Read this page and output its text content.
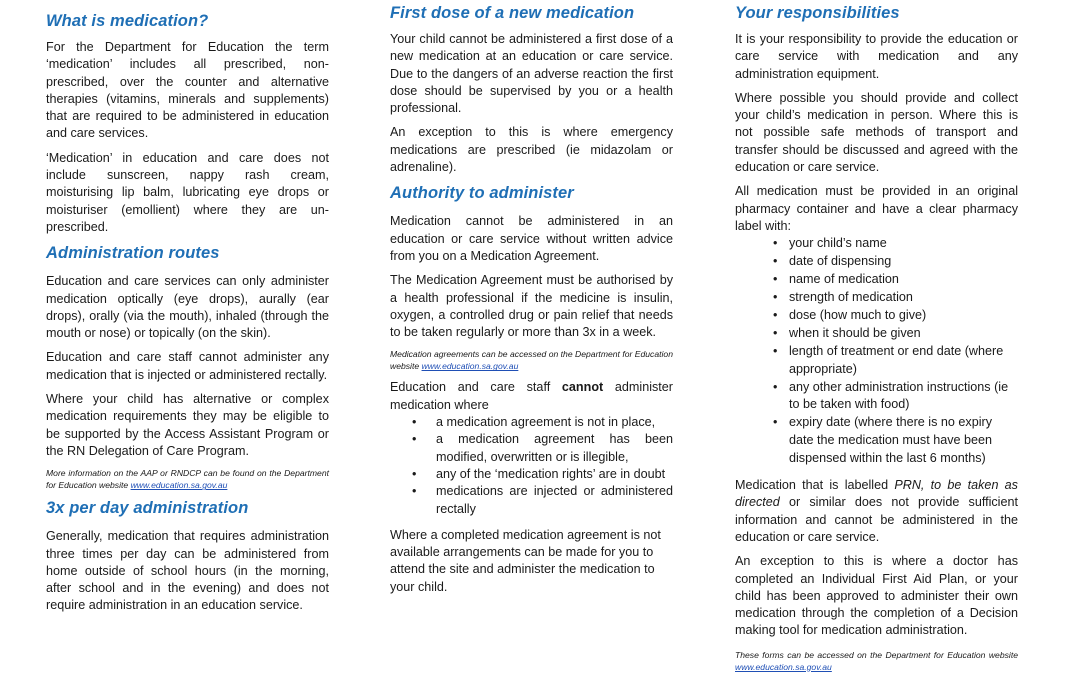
What is medication?

For the Department for Education the term ‘medication’ includes all prescribed, non-prescribed, over the counter and alternative therapies (vitamins, minerals and supplements) that are required to be administered in education and care services.

‘Medication’ in education and care does not include sunscreen, nappy rash cream, moisturising lip balm, lubricating eye drops or moisturiser (emollient) where they are un-prescribed.

Administration routes

Education and care services can only administer medication optically (eye drops), aurally (ear drops), orally (via the mouth), inhaled (through the mouth or nose) or topically (on the skin).

Education and care staff cannot administer any medication that is injected or administered rectally.

Where your child has alternative or complex medication requirements they may be eligible to be supported by the Access Assistant Program or the RN Delegation of Care Program.

More information on the AAP or RNDCP can be found on the Department for Education website www.education.sa.gov.au

3x per day administration

Generally, medication that requires administration three times per day can be administered from home outside of school hours (in the morning, after school and in the evening) and does not require administration in an education service.

First dose of a new medication

Your child cannot be administered a first dose of a new medication at an education or care service. Due to the dangers of an adverse reaction the first dose should be supervised by you or a health professional.

An exception to this is where emergency medications are prescribed (ie midazolam or adrenaline).

Authority to administer

Medication cannot be administered in an education or care service without written advice from you on a Medication Agreement.

The Medication Agreement must be authorised by a health professional if the medicine is insulin, oxygen, a controlled drug or pain relief that needs to be taken regularly or more than 3x in a week.

Medication agreements can be accessed on the Department for Education website www.education.sa.gov.au

Education and care staff cannot administer medication where

• a medication agreement is not in place,
• a medication agreement has been modified, overwritten or is illegible,
• any of the ‘medication rights’ are in doubt
• medications are injected or administered rectally

Where a completed medication agreement is not available arrangements can be made for you to attend the site and administer the medication to your child.

Your responsibilities

It is your responsibility to provide the education or care service with medication and any administration equipment.

Where possible you should provide and collect your child’s medication in person. Where this is not possible safe methods of transport and transfer should be discussed and agreed with the education or care service.

All medication must be provided in an original pharmacy container and have a clear pharmacy label with:

• your child’s name
• date of dispensing
• name of medication
• strength of medication
• dose (how much to give)
• when it should be given
• length of treatment or end date (where appropriate)
• any other administration instructions (ie to be taken with food)
• expiry date (where there is no expiry date the medication must have been dispensed within the last 6 months)

Medication that is labelled PRN, to be taken as directed or similar does not provide sufficient information and cannot be administered in the education or care service.

An exception to this is where a doctor has completed an Individual First Aid Plan, or your child has been approved to administer their own medication through the completion of a Decision making tool for medication administration.

These forms can be accessed on the Department for Education website www.education.sa.gov.au
